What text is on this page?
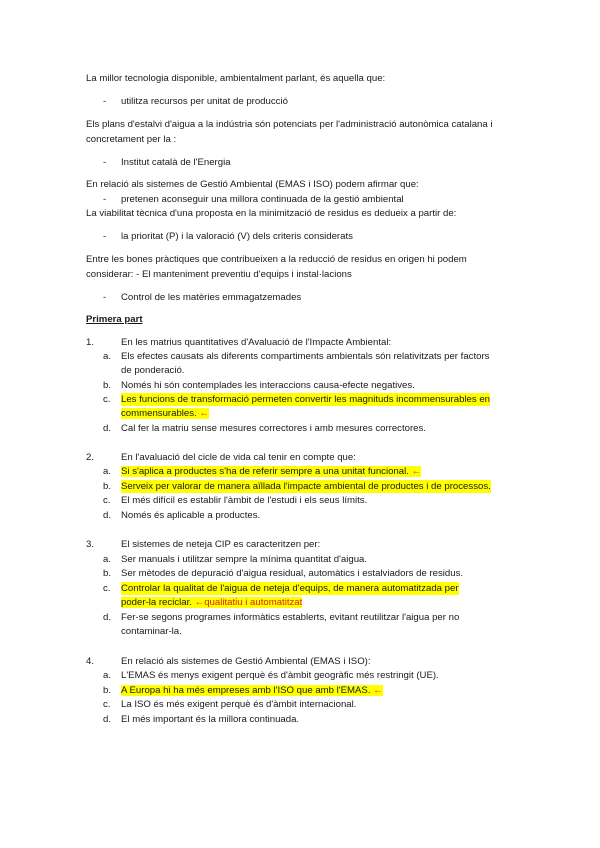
La millor tecnologia disponible, ambientalment parlant, és aquella que:
- utilitza recursos per unitat de producció
Els plans d'estalvi d'aigua a la indústria són potenciats per l'administració autonòmica catalana i
concretament per la :
- Institut català de l'Energia
En relació als sistemes de Gestió Ambiental (EMAS i ISO) podem afirmar que:
- pretenen aconseguir una millora continuada de la gestió ambiental
La viabilitat tècnica d'una proposta en la minimització de residus es dedueix a partir de:
- la prioritat (P) i la valoració (V) dels criteris considerats
Entre les bones pràctiques que contribueixen a la reducció de residus en origen hi podem
considerar: - El manteniment preventiu d'equips i instal·lacions
- Control de les matèries emmagatzemades
Primera part
1.	En les matrius quantitatives d'Avaluació de l'Impacte Ambiental:
a. Els efectes causats als diferents compartiments ambientals són relativitzats per factors
de ponderació.
b. Només hi són contemplades les interaccions causa-efecte negatives.
c. Les funcions de transformació permeten convertir les magnituds incommensurables en
commensurables. ←
d. Cal fer la matriu sense mesures correctores i amb mesures correctores.
2.	En l'avaluació del cicle de vida cal tenir en compte que:
a. Si s'aplica a productes s'ha de referir sempre a una unitat funcional. ←
b. Serveix per valorar de manera aïllada l'impacte ambiental de productes i de processos.
c. El més difícil es establir l'àmbit de l'estudi i els seus límits.
d. Només és aplicable a productes.
3.	El sistemes de neteja CIP es caracteritzen per:
a. Ser manuals i utilitzar sempre la mínima quantitat d'aigua.
b. Ser mètodes de depuració d'aigua residual, automàtics i estalviadors de residus.
c. Controlar la qualitat de l'aigua de neteja d'equips, de manera automatitzada per
poder-la reciclar. ←qualitatiu i automatitzat
d. Fer-se segons programes informàtics establerts, evitant reutilitzar l'aigua per no
contaminar-la.
4.	En relació als sistemes de Gestió Ambiental (EMAS i ISO):
a. L'EMAS és menys exigent perquè és d'àmbit geogràfic més restringit (UE).
b. A Europa hi ha més empreses amb l'ISO que amb l'EMAS. ←
c. La ISO és més exigent perquè és d'àmbit internacional.
d. El més important és la millora continuada.
